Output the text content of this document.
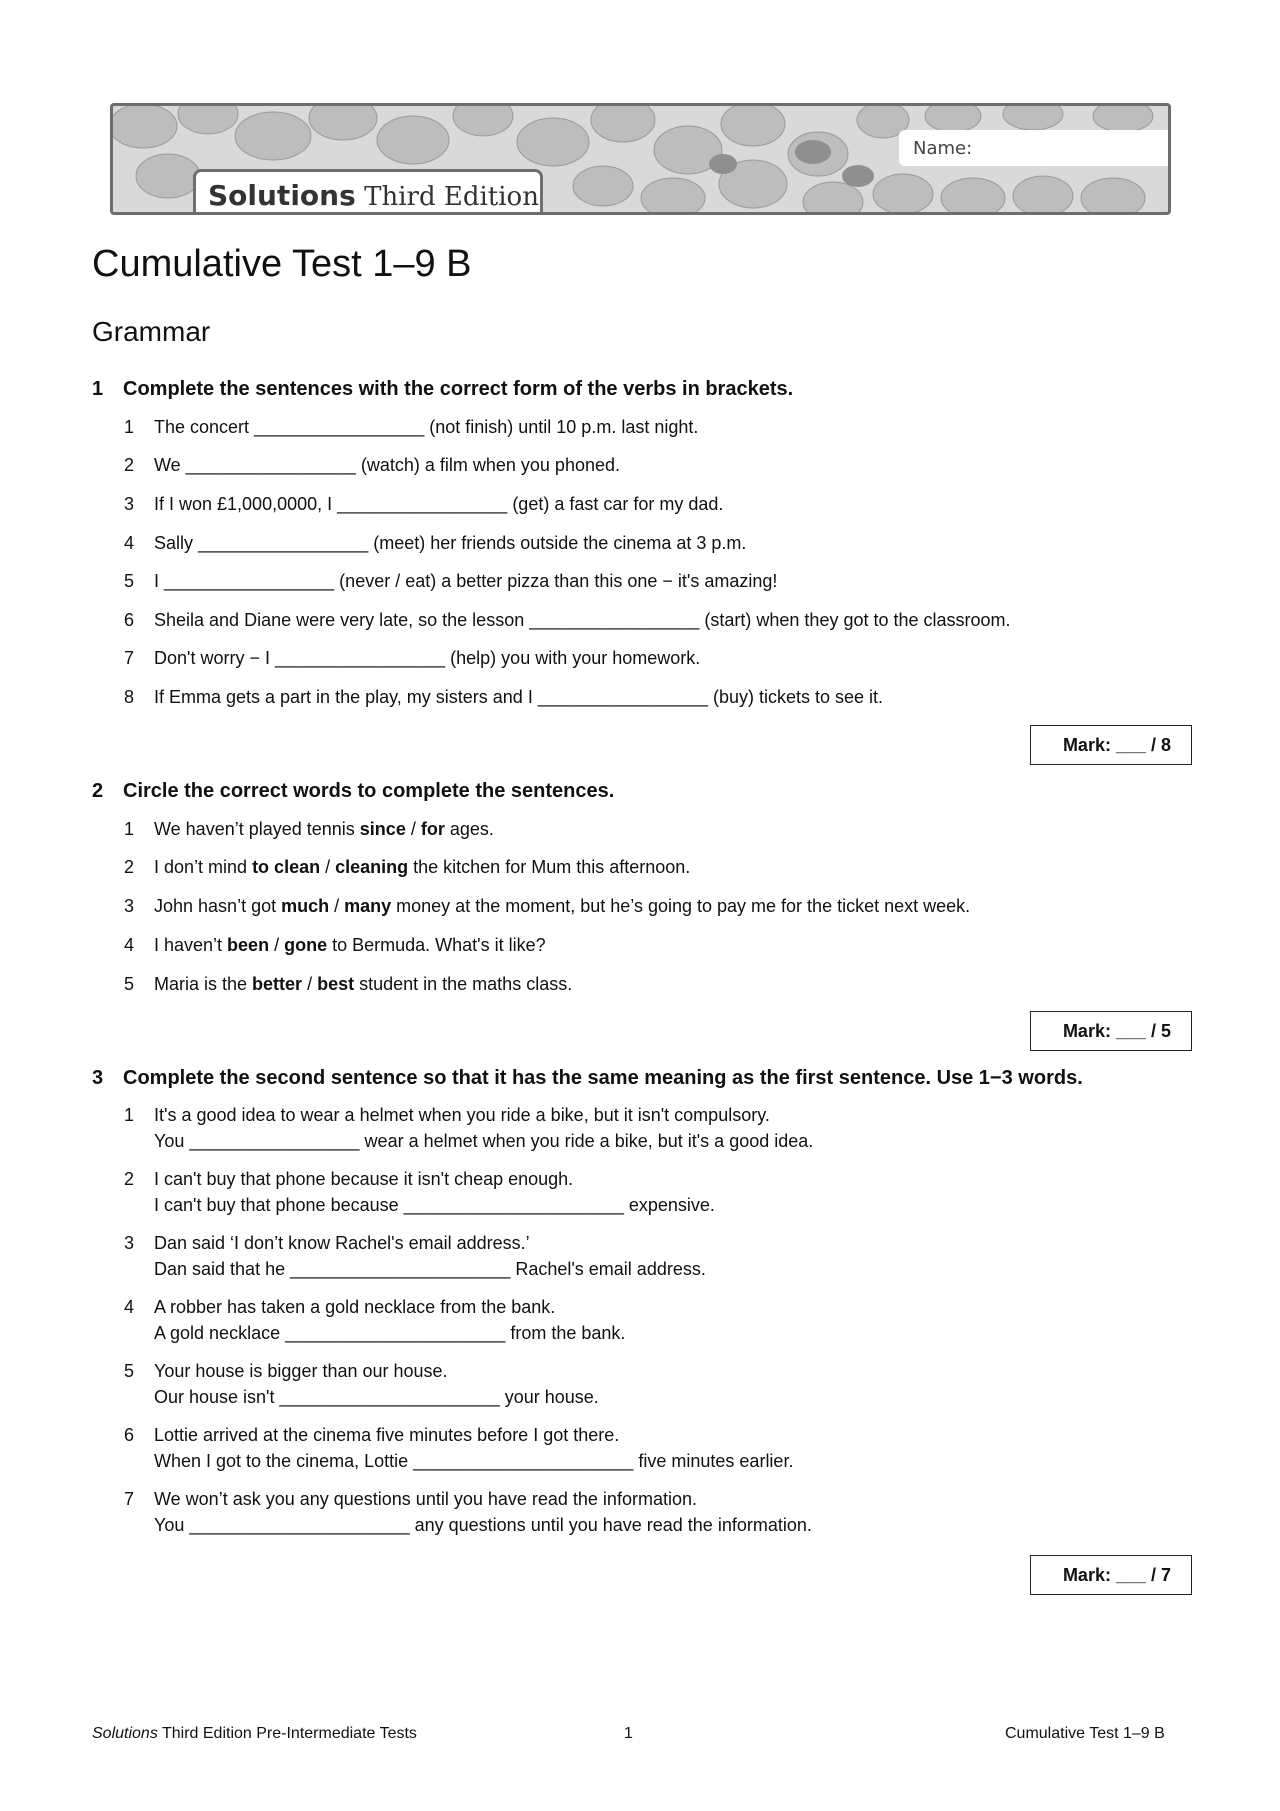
Name:
Solutions Third Edition
Cumulative Test 1–9 B
Grammar
1 Complete the sentences with the correct form of the verbs in brackets.
1 The concert _________________ (not finish) until 10 p.m. last night.
2 We _________________ (watch) a film when you phoned.
3 If I won £1,000,0000, I _________________ (get) a fast car for my dad.
4 Sally _________________ (meet) her friends outside the cinema at 3 p.m.
5 I _________________ (never / eat) a better pizza than this one − it's amazing!
6 Sheila and Diane were very late, so the lesson _________________ (start) when they got to the classroom.
7 Don't worry − I _________________ (help) you with your homework.
8 If Emma gets a part in the play, my sisters and I _________________ (buy) tickets to see it.
Mark: ___ / 8
2 Circle the correct words to complete the sentences.
1 We haven’t played tennis since / for ages.
2 I don’t mind to clean / cleaning the kitchen for Mum this afternoon.
3 John hasn’t got much / many money at the moment, but he’s going to pay me for the ticket next week.
4 I haven’t been / gone to Bermuda. What's it like?
5 Maria is the better / best student in the maths class.
Mark: ___ / 5
3 Complete the second sentence so that it has the same meaning as the first sentence. Use 1−3 words.
1 It's a good idea to wear a helmet when you ride a bike, but it isn't compulsory.
You _________________ wear a helmet when you ride a bike, but it's a good idea.
2 I can't buy that phone because it isn't cheap enough.
I can't buy that phone because ______________________ expensive.
3 Dan said ‘I don’t know Rachel's email address.’
Dan said that he ______________________ Rachel's email address.
4 A robber has taken a gold necklace from the bank.
A gold necklace ______________________ from the bank.
5 Your house is bigger than our house.
Our house isn't ______________________ your house.
6 Lottie arrived at the cinema five minutes before I got there.
When I got to the cinema, Lottie ______________________ five minutes earlier.
7 We won’t ask you any questions until you have read the information.
You ______________________ any questions until you have read the information.
Mark: ___ / 7
Solutions Third Edition Pre-Intermediate Tests	1	Cumulative Test 1–9 B
